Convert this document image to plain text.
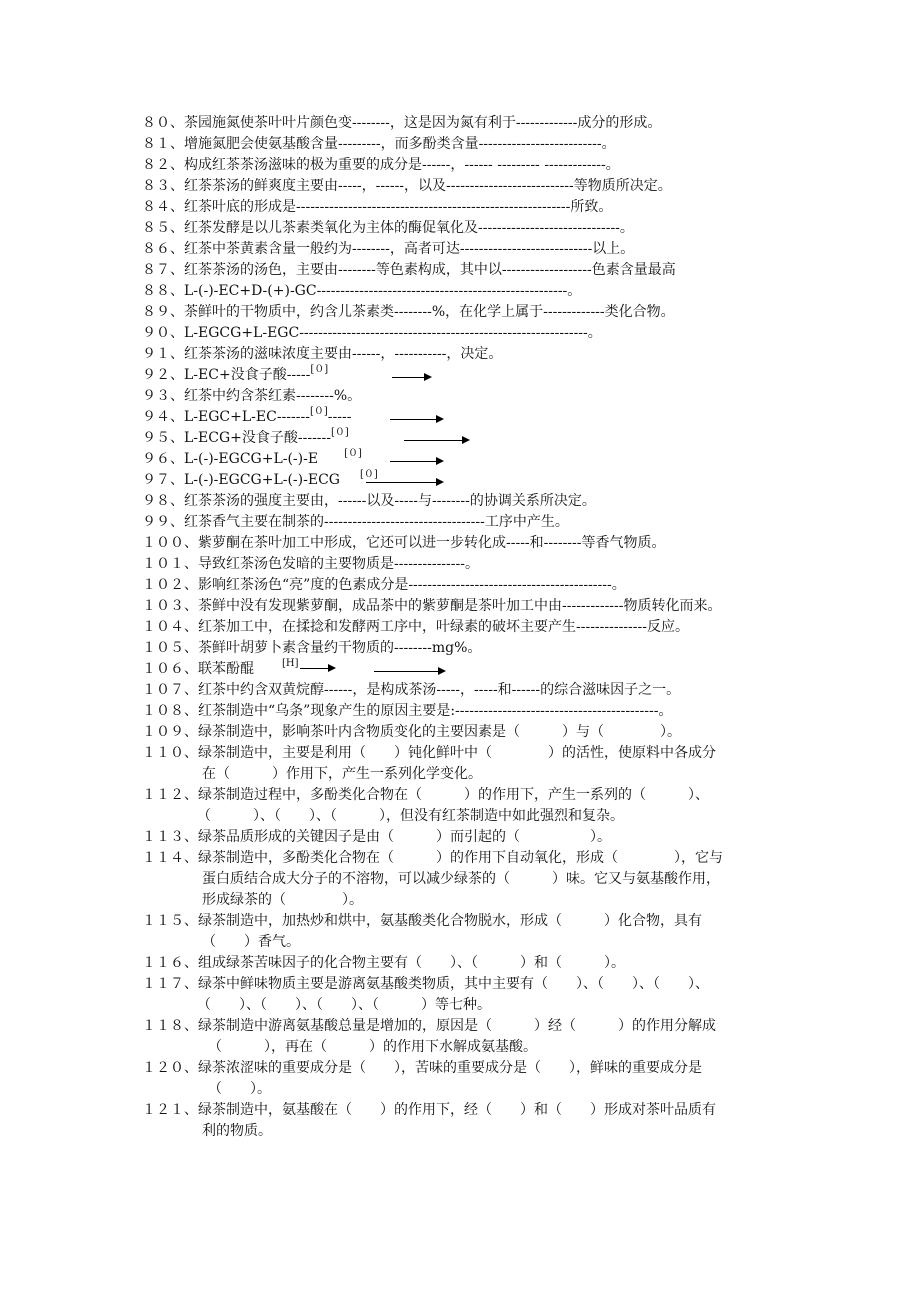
８０、茶园施氮使茶叶叶片颜色变--------，这是因为氮有利于-------------成分的形成。
８１、增施氮肥会使氨基酸含量---------，而多酚类含量--------------------------。
８２、构成红茶茶汤滋味的极为重要的成分是------，------ --------- -------------。
８３、红茶茶汤的鲜爽度主要由-----，------，以及---------------------------等物质所决定。
８４、红茶叶底的形成是----------------------------------------------------------所致。
８５、红茶发酵是以儿茶素类氧化为主体的酶促氧化及------------------------------。
８６、红茶中茶黄素含量一般约为--------，高者可达----------------------------以上。
８７、红茶茶汤的汤色，主要由--------等色素构成，其中以-------------------色素含量最高
８８、L-(-)-EC+D-(+)-GC-----------------------------------------------------。
８９、茶鲜叶的干物质中，约含儿茶素类--------%，在化学上属于-------------类化合物。
９０、L-EGCG+L-EGC-------------------------------------------------------------。
９１、红茶茶汤的滋味浓度主要由------，-----------，决定。
９２、L-EC+没食子酸-----[０]
９３、红茶中约含茶红素--------%。
９４、L-EGC+L-EC-------[０]-----
９５、L-ECG+没食子酸-------[０]
９６、L-(-)-EGCG+L-(-)-E	[０]
９７、L-(-)-EGCG+L-(-)-ECG [０]
９８、红茶茶汤的强度主要由，------以及-----与--------的协调关系所决定。
９９、红茶香气主要在制茶的----------------------------------工序中产生。
１００、紫萝酮在茶叶加工中形成，它还可以进一步转化成-----和--------等香气物质。
１０１、导致红茶汤色发暗的主要物质是---------------。
１０２、影响红茶汤色“亮”度的色素成分是-------------------------------------------。
１０３、茶鲜中没有发现紫萝酮，成品茶中的紫萝酮是茶叶加工中由-------------物质转化而来。
１０４、红茶加工中，在揉捻和发酵两工序中，叶绿素的破坏主要产生---------------反应。
１０５、茶鲜叶胡萝卜素含量约干物质的--------mg%。
１０６、联苯酚醌	[H]
１０７、红茶中约含双黄烷醇------，是构成茶汤-----，-----和------的综合滋味因子之一。
１０８、红茶制造中“乌条”现象产生的原因主要是:-------------------------------------------。
１０９、绿茶制造中，影响茶叶内含物质变化的主要因素是（　　　）与（　　　　）。
１１０、绿茶制造中，主要是利用（　　）钝化鲜叶中（　　　　）的活性，使原料中各成分
在（　　　）作用下，产生一系列化学变化。
１１２、绿茶制造过程中，多酚类化合物在（　　　）的作用下，产生一系列的（　　　）、
（　　　）、（　　）、（　　　），但没有红茶制造中如此强烈和复杂。
１１３、绿茶品质形成的关键因子是由（　　　）而引起的（　　　　　）。
１１４、绿茶制造中，多酚类化合物在（　　　）的作用下自动氧化，形成（　　　　），它与
蛋白质结合成大分子的不溶物，可以减少绿茶的（　　　）味。它又与氨基酸作用，
形成绿茶的（　　　　）。
１１５、绿茶制造中，加热炒和烘中，氨基酸类化合物脱水，形成（　　　）化合物，具有
（　　）香气。
１１６、组成绿茶苦味因子的化合物主要有（　　）、（　　　）和（　　　）。
１１７、绿茶中鲜味物质主要是游离氨基酸类物质，其中主要有（　　）、（　　）、（　　）、
（　　）、（　　）、（　　）、（　　　）等七种。
１１８、绿茶制造中游离氨基酸总量是增加的，原因是（　　　）经（　　　）的作用分解成
（　　　），再在（　　　）的作用下水解成氨基酸。
１２０、绿茶浓涩味的重要成分是（　　），苦味的重要成分是（　　），鲜味的重要成分是
（　　）。
１２１、绿茶制造中，氨基酸在（　　）的作用下，经（　　）和（　　）形成对茶叶品质有
利的物质。
